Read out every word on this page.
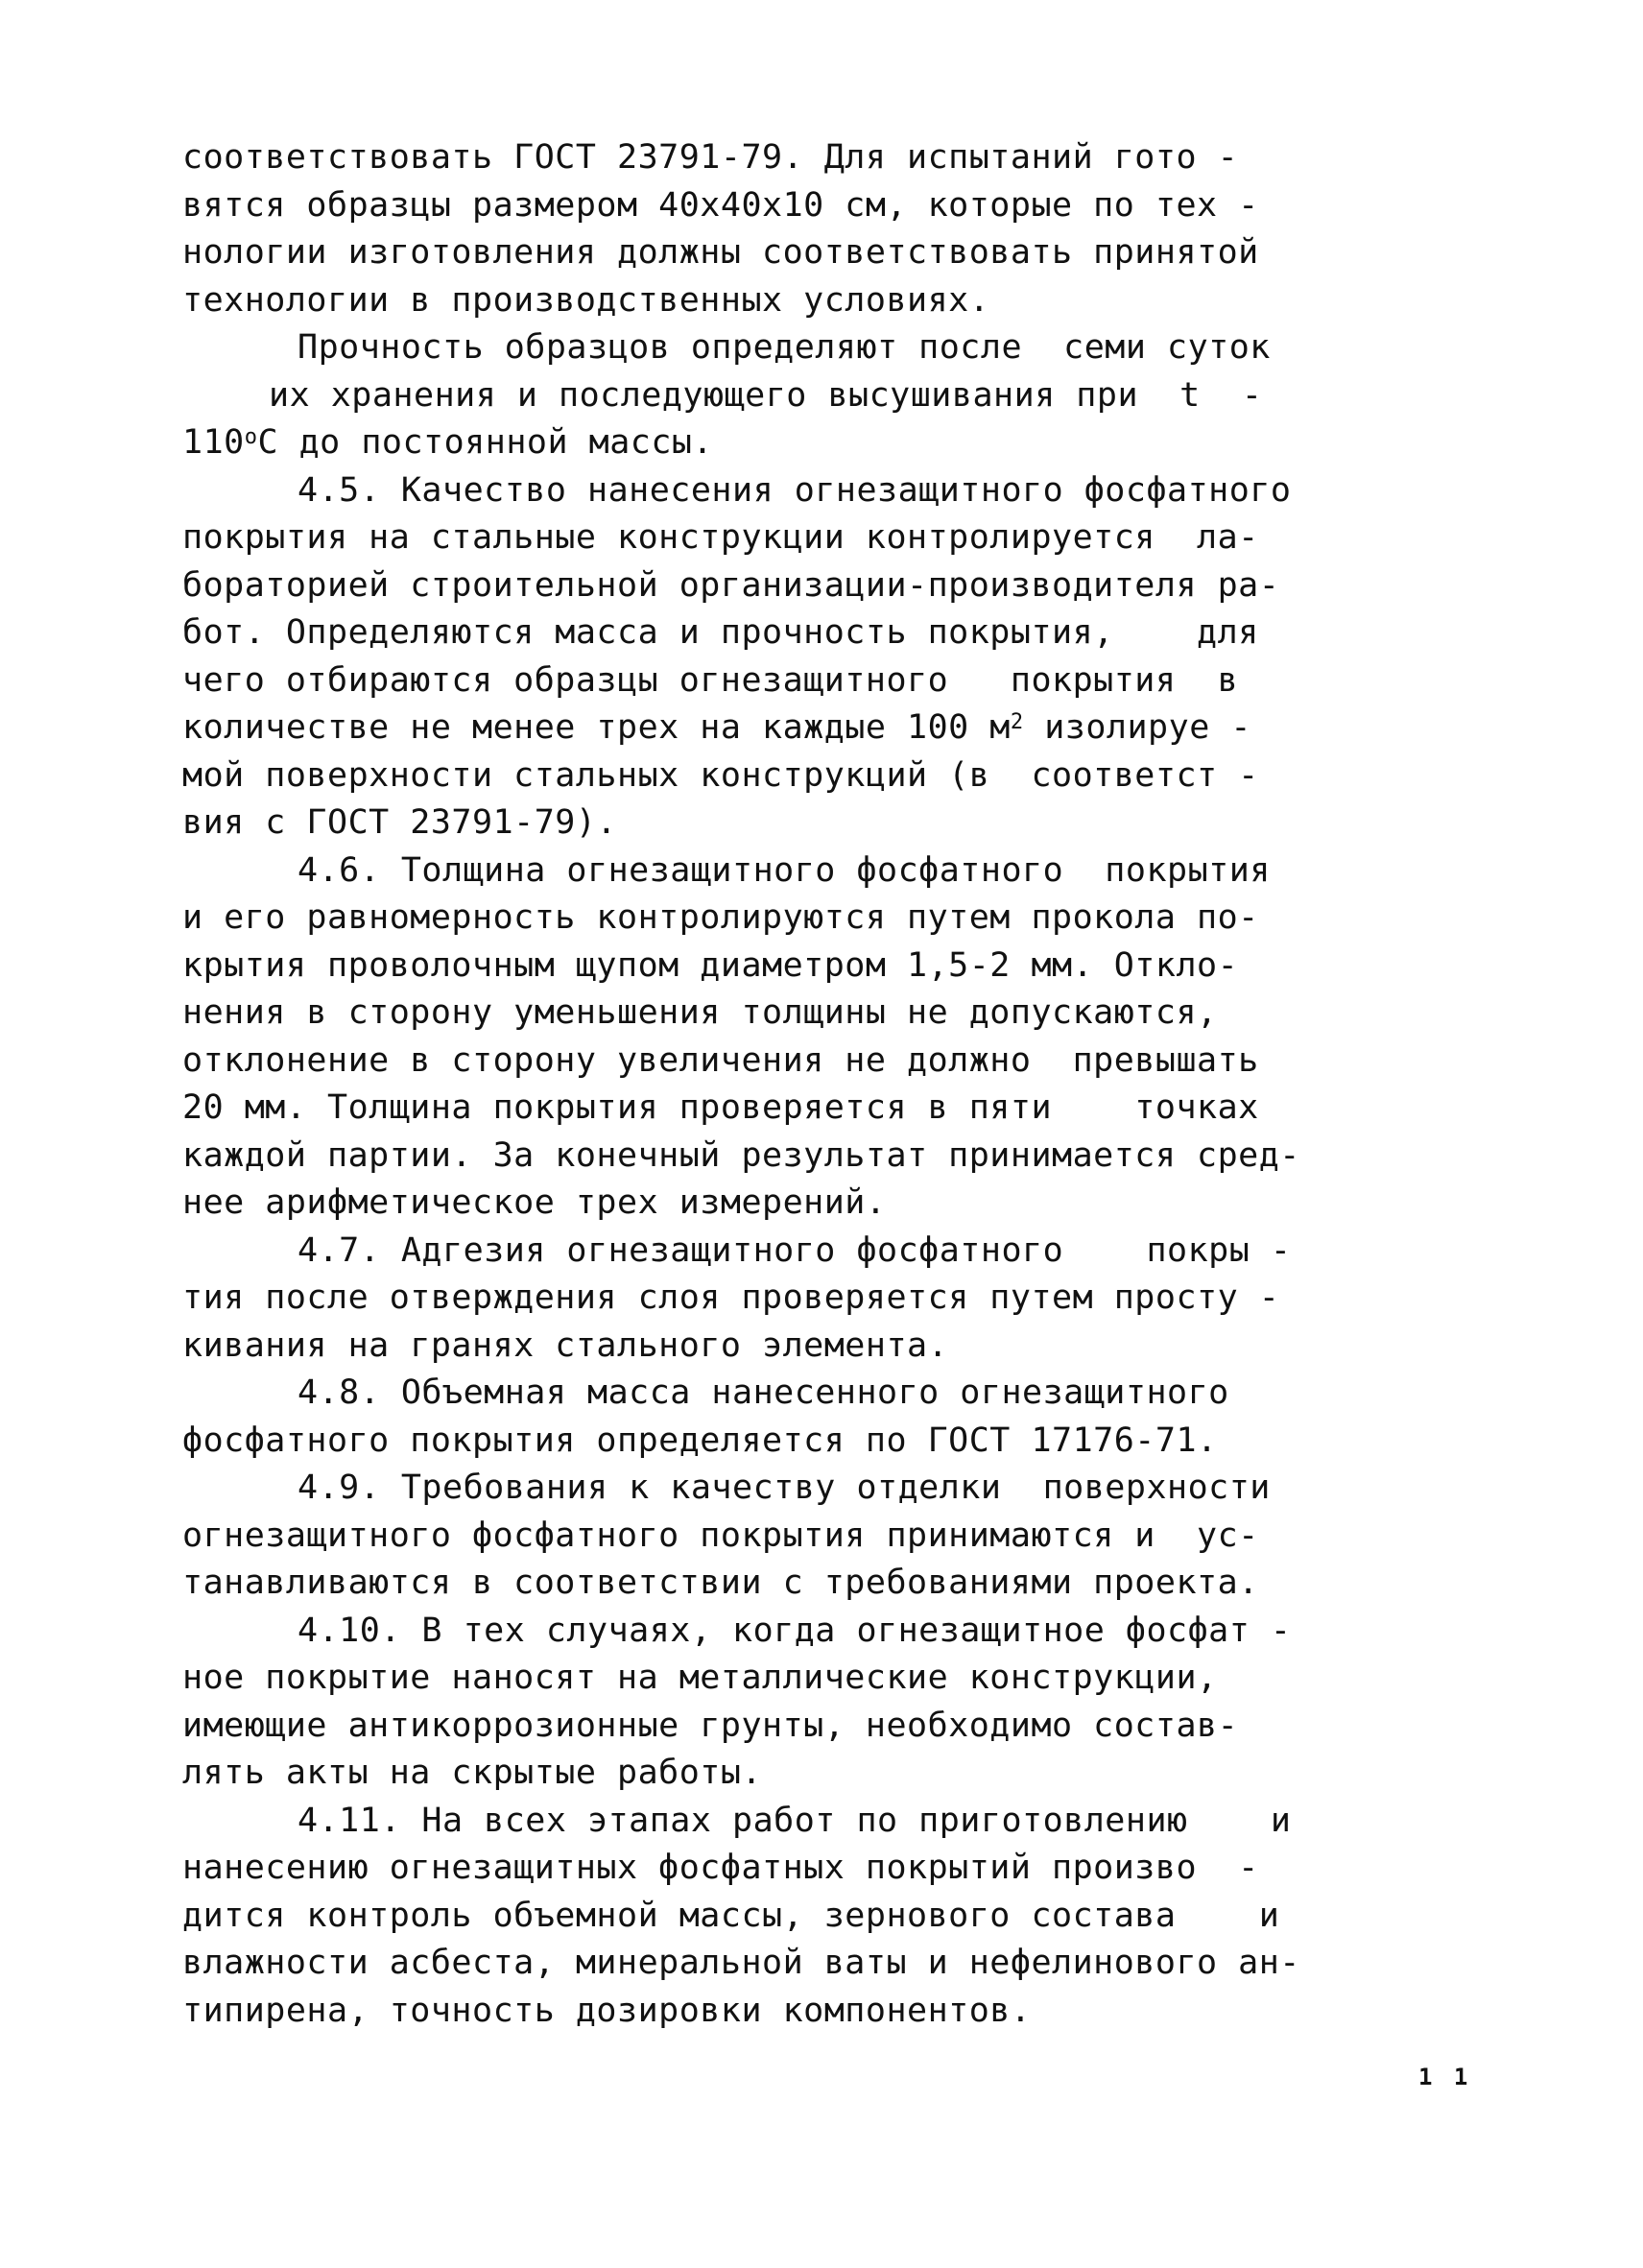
соответствовать ГОСТ 23791-79. Для испытаний гото -
вятся образцы размером 40х40х10 см, которые по тех -
нологии изготовления должны соответствовать принятой
технологии в производственных условиях.
Прочность образцов определяют после  семи суток
их хранения и последующего высушивания при  t  -
110$^o$С до постоянной массы.
4.5. Качество нанесения огнезащитного фосфатного
покрытия на стальные конструкции контролируется  ла-
бораторией строительной организации-производителя ра-
бот. Определяются масса и прочность покрытия,    для
чего отбираются образцы огнезащитного   покрытия  в
количестве не менее трех на каждые 100 $м^2$ изолируе -
мой поверхности стальных конструкций (в  соответст -
вия с ГОСТ 23791-79).
4.6. Толщина огнезащитного фосфатного  покрытия
и его равномерность контролируются путем прокола по-
крытия проволочным щупом диаметром 1,5-2 мм. Откло-
нения в сторону уменьшения толщины не допускаются,
отклонение в сторону увеличения не должно  превышать
20 мм. Толщина покрытия проверяется в пяти    точках
каждой партии. За конечный результат принимается сред-
нее арифметическое трех измерений.
4.7. Адгезия огнезащитного фосфатного    покры -
тия после отверждения слоя проверяется путем просту -
кивания на гранях стального элемента.
4.8. Объемная масса нанесенного огнезащитного
фосфатного покрытия определяется по ГОСТ 17176-71.
4.9. Требования к качеству отделки  поверхности
огнезащитного фосфатного покрытия принимаются и  ус-
танавливаются в соответствии с требованиями проекта.
4.10. В тех случаях, когда огнезащитное фосфат -
ное покрытие наносят на металлические конструкции,
имеющие антикоррозионные грунты, необходимо состав-
лять акты на скрытые работы.
4.11. На всех этапах работ по приготовлению    и
нанесению огнезащитных фосфатных покрытий произво  -
дится контроль объемной массы, зернового состава    и
влажности асбеста, минеральной ваты и нефелинового ан-
типирена, точность дозировки компонентов.
1 1
